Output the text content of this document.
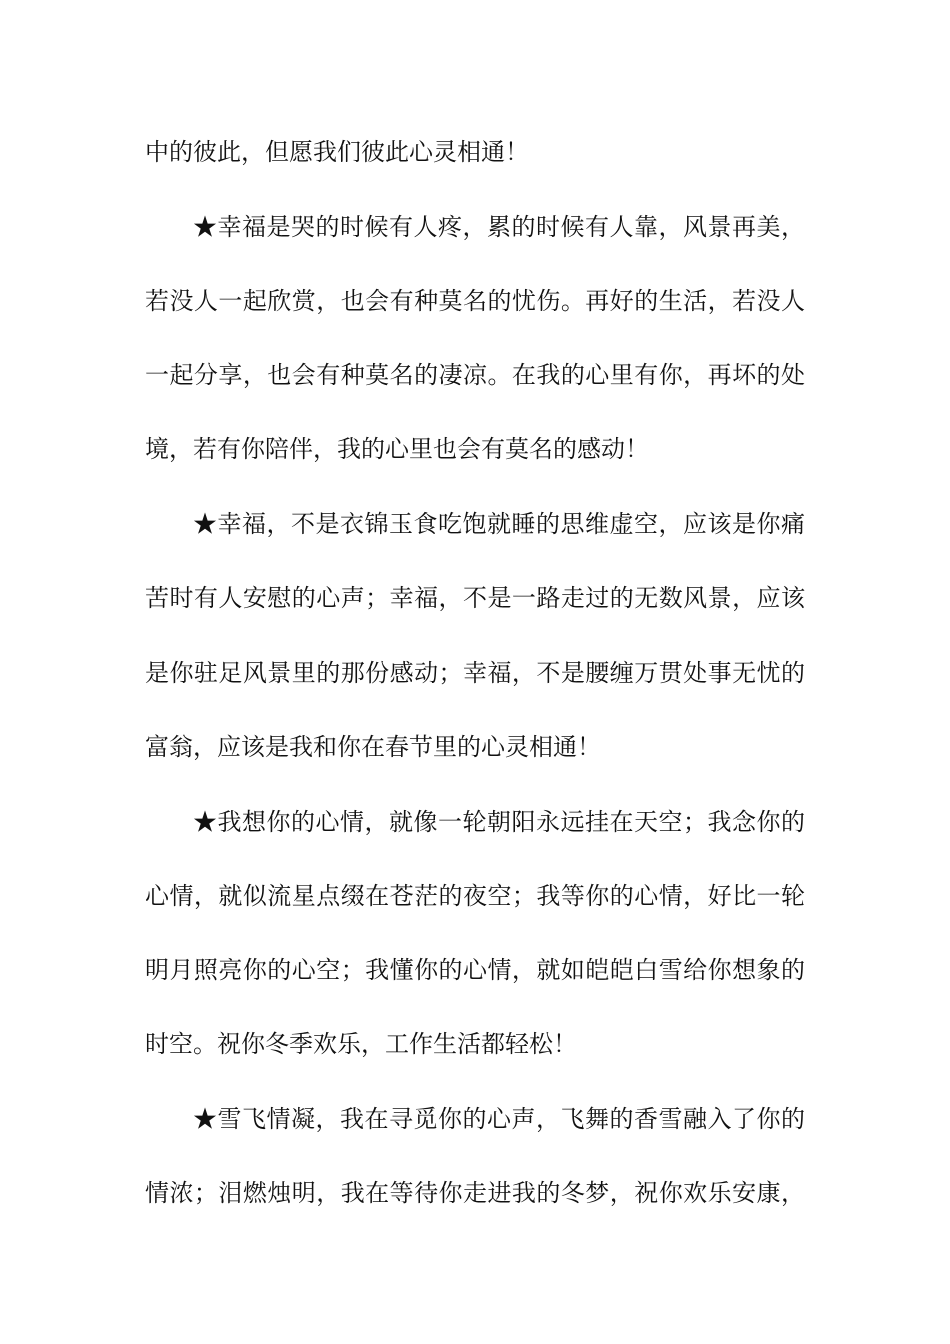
中的彼此，但愿我们彼此心灵相通！
★幸福是哭的时候有人疼，累的时候有人靠，风景再美，
若没人一起欣赏，也会有种莫名的忧伤。再好的生活，若没人
一起分享，也会有种莫名的凄凉。在我的心里有你，再坏的处
境，若有你陪伴，我的心里也会有莫名的感动！
★幸福，不是衣锦玉食吃饱就睡的思维虚空，应该是你痛
苦时有人安慰的心声；幸福，不是一路走过的无数风景，应该
是你驻足风景里的那份感动；幸福，不是腰缠万贯处事无忧的
富翁，应该是我和你在春节里的心灵相通！
★我想你的心情，就像一轮朝阳永远挂在天空；我念你的
心情，就似流星点缀在苍茫的夜空；我等你的心情，好比一轮
明月照亮你的心空；我懂你的心情，就如皑皑白雪给你想象的
时空。祝你冬季欢乐，工作生活都轻松！
★雪飞情凝，我在寻觅你的心声，飞舞的香雪融入了你的
情浓；泪燃烛明，我在等待你走进我的冬梦，祝你欢乐安康，
